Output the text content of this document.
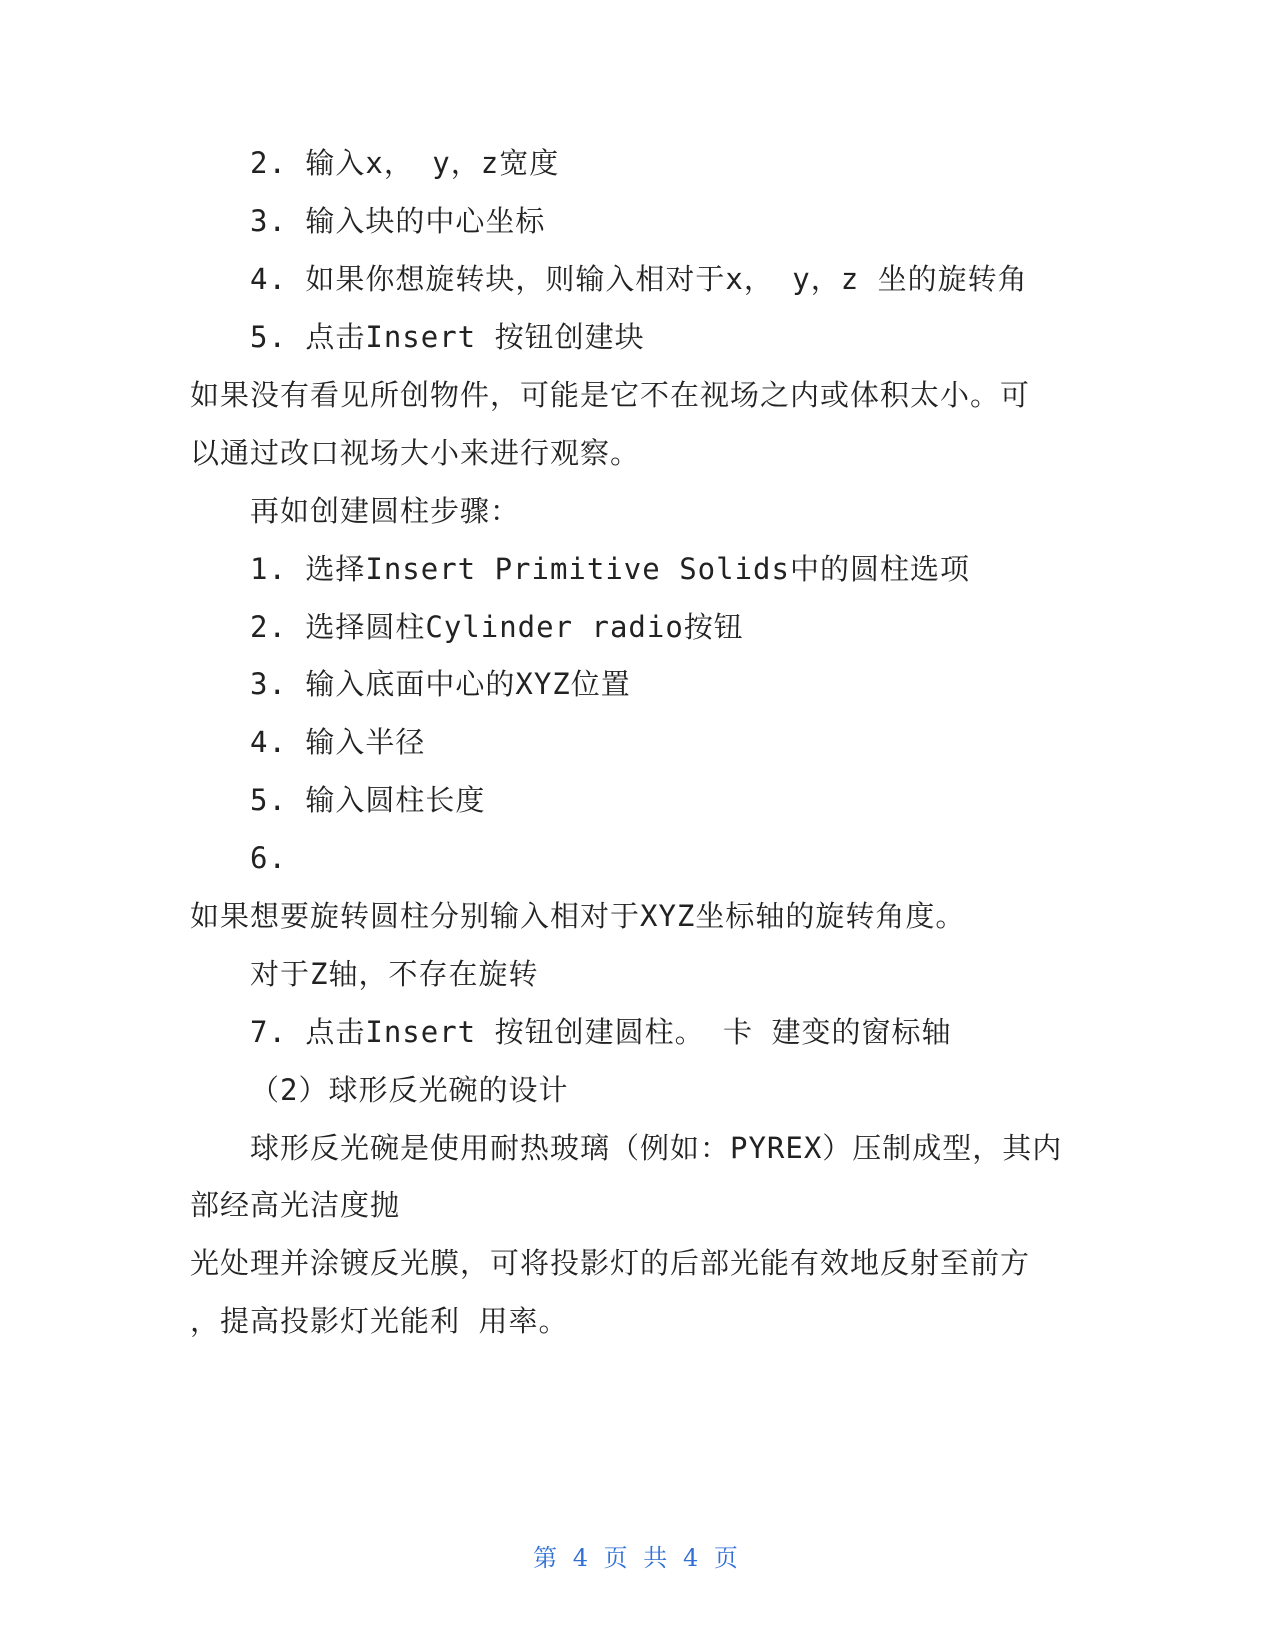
2. 输入x， y，z宽度
3. 输入块的中心坐标
4. 如果你想旋转块，则输入相对于x， y，z 坐的旋转角
5. 点击Insert 按钮创建块
如果没有看见所创物件，可能是它不在视场之内或体积太小。可
以通过改口视场大小来进行观察。
再如创建圆柱步骤：
1. 选择Insert Primitive Solids中的圆柱选项
2. 选择圆柱Cylinder radio按钮
3. 输入底面中心的XYZ位置
4. 输入半径
5. 输入圆柱长度
6.
如果想要旋转圆柱分别输入相对于XYZ坐标轴的旋转角度。
对于Z轴，不存在旋转
7. 点击Insert 按钮创建圆柱。 卡 建变的窗标轴
（2）球形反光碗的设计
球形反光碗是使用耐热玻璃（例如：PYREX）压制成型，其内
部经高光洁度抛
光处理并涂镀反光膜，可将投影灯的后部光能有效地反射至前方
，提高投影灯光能利 用率。
第 4 页 共 4 页
